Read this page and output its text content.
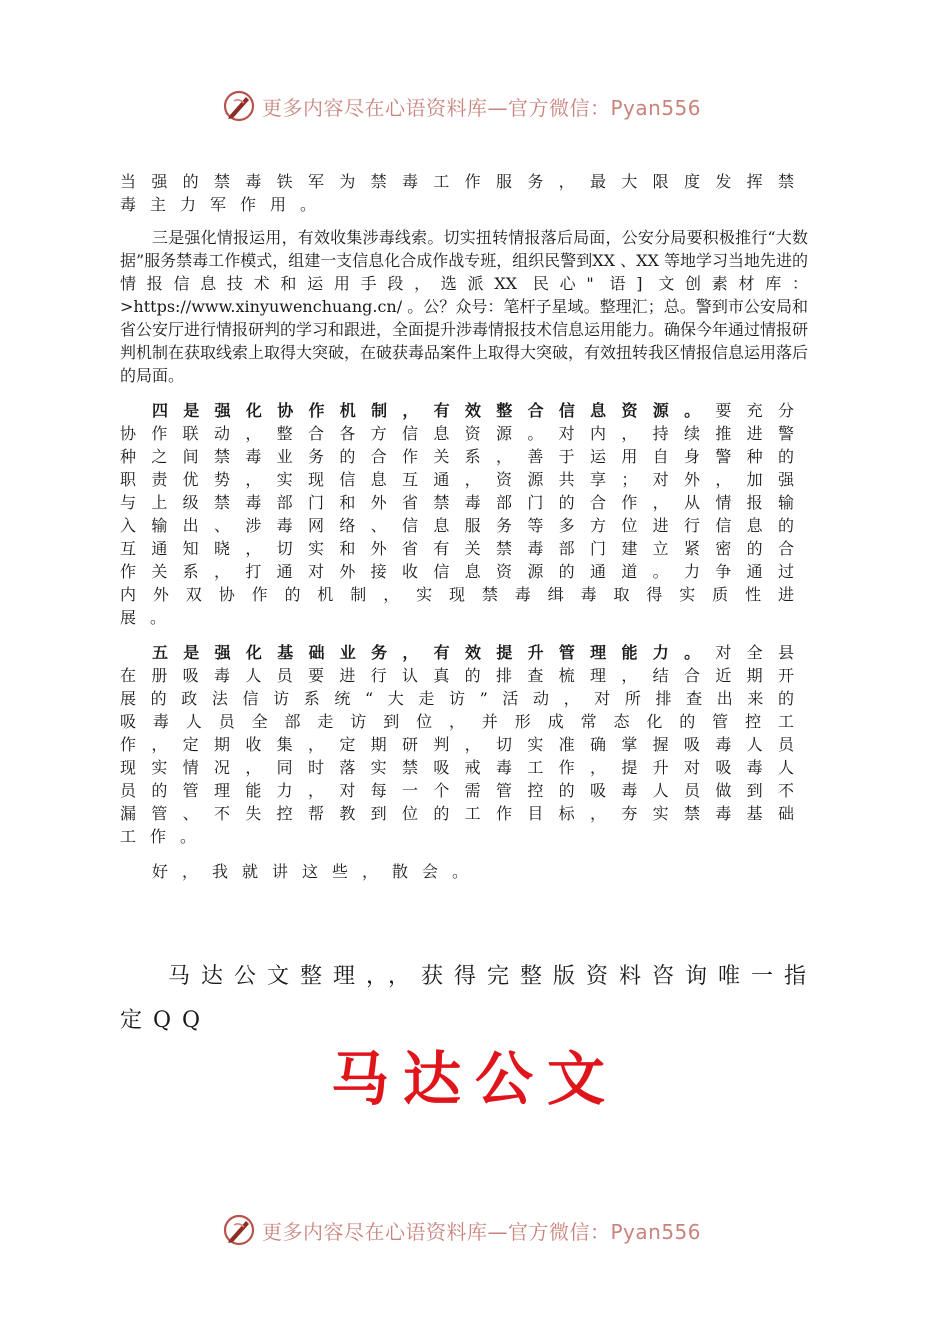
更多内容尽在心语资料库—官方微信：Pyan556

当强的禁毒铁军为禁毒工作服务，最大限度发挥禁毒主力军作用。

三是强化情报运用，有效收集涉毒线索。切实扭转情报落后局面，公安分局要积极推行“大数据”服务禁毒工作模式，组建一支信息化合成作战专班，组织民警到XX 、XX 等地学习当地先进的情报信息技术和运用手段，选派XX 民心" 语] 文创素材库：>https://www.xinyuwenchuang.cn/ 。公？众号：笔杆子星域。整理汇；总。警到市公安局和省公安厅进行情报研判的学习和跟进，全面提升涉毒情报技术信息运用能力。确保今年通过情报研判机制在获取线索上取得大突破，在破获毒品案件上取得大突破，有效扭转我区情报信息运用落后的局面。

四是强化协作机制，有效整合信息资源。要充分协作联动，整合各方信息资源。对内，持续推进警种之间禁毒业务的合作关系，善于运用自身警种的职责优势，实现信息互通，资源共享；对外，加强与上级禁毒部门和外省禁毒部门的合作，从情报输入输出、涉毒网络、信息服务等多方位进行信息的互通知晓，切实和外省有关禁毒部门建立紧密的合作关系，打通对外接收信息资源的通道。力争通过内外双协作的机制，实现禁毒缉毒取得实质性进展。

五是强化基础业务，有效提升管理能力。对全县在册吸毒人员要进行认真的排查梳理，结合近期开展的政法信访系统“大走访”活动，对所排查出来的吸毒人员全部走访到位，并形成常态化的管控工作，定期收集，定期研判，切实准确掌握吸毒人员现实情况，同时落实禁吸戒毒工作，提升对吸毒人员的管理能力，对每一个需管控的吸毒人员做到不漏管、不失控帮教到位的工作目标，夯实禁毒基础工作。

好，我就讲这些，散会。

马达公文整理，，获得完整版资料咨询唯一指定QQ

马达公文
更多内容尽在心语资料库—官方微信：Pyan556
